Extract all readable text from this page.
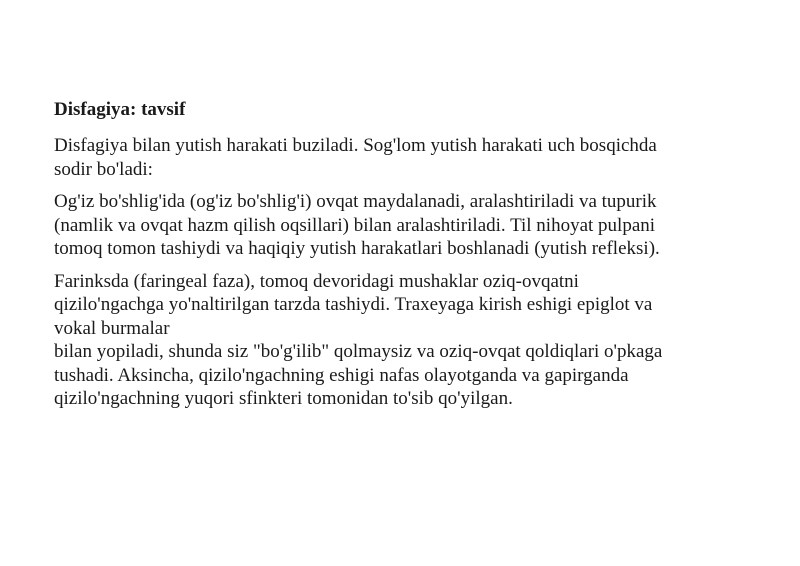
Disfagiya: tavsif
Disfagiya bilan yutish harakati buziladi. Sog'lom yutish harakati uch bosqichda
sodir bo'ladi:
Og'iz bo'shlig'ida (og'iz bo'shlig'i) ovqat maydalanadi, aralashtiriladi va tupurik
(namlik va ovqat hazm qilish oqsillari) bilan aralashtiriladi. Til nihoyat pulpani
tomoq tomon tashiydi va haqiqiy yutish harakatlari boshlanadi (yutish refleksi).
Farinksda (faringeal faza), tomoq devoridagi mushaklar oziq-ovqatni
qizilo'ngachga yo'naltirilgan tarzda tashiydi. Traxeyaga kirish eshigi epiglot va
vokal burmalar
bilan yopiladi, shunda siz "bo'g'ilib" qolmaysiz va oziq-ovqat qoldiqlari o'pkaga
tushadi. Aksincha, qizilo'ngachning eshigi nafas olayotganda va gapirganda
qizilo'ngachning yuqori sfinkteri tomonidan to'sib qo'yilgan.
